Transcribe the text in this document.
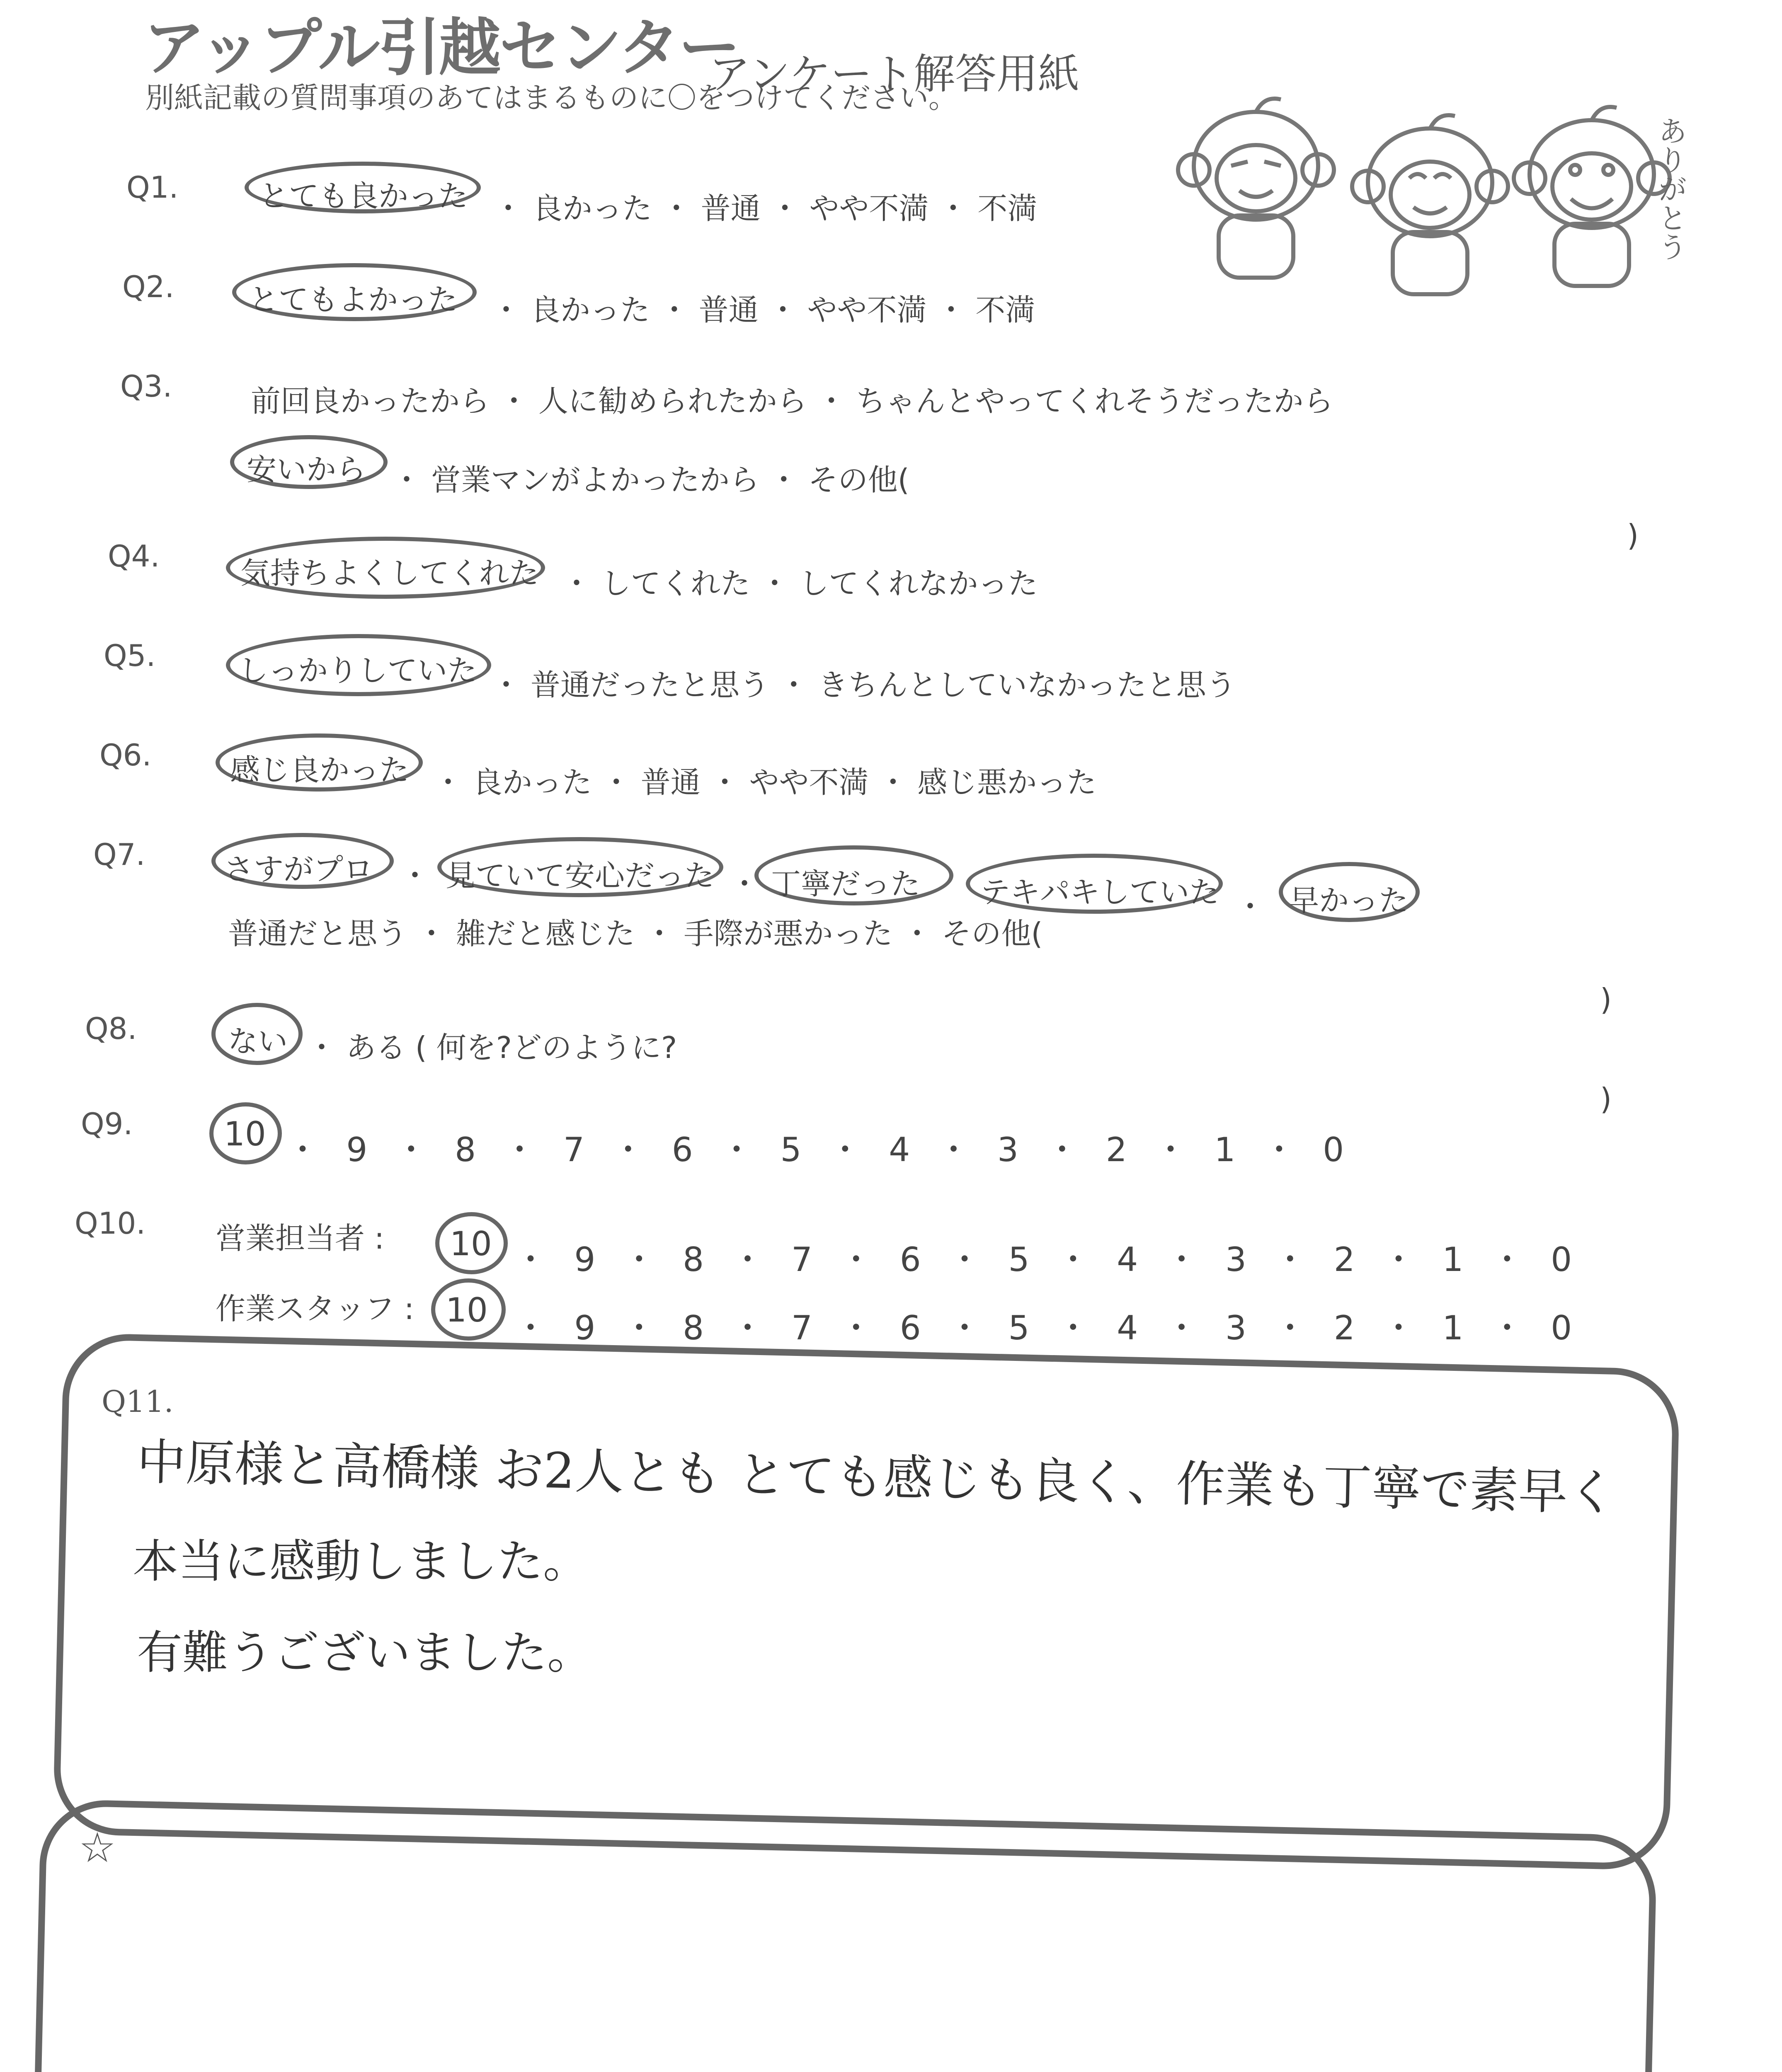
アップル引越センター
アンケート解答用紙
別紙記載の質問事項のあてはまるものに〇をつけてください。
ありがとう
Q1.	とても良かった ・ 良かった ・ 普通 ・ やや不満 ・ 不満
Q2. とてもよかった ・ 良かった ・ 普通 ・ やや不満 ・ 不満
Q3.	前回良かったから ・ 人に勧められたから ・ ちゃんとやってくれそうだったから
安いから ・ 営業マンがよかったから ・ その他(
)
Q4.	気持ちよくしてくれた ・ してくれた ・ してくれなかった
Q5.	しっかりしていた ・ 普通だったと思う ・ きちんとしていなかったと思う
Q6.	感じ良かった ・ 良かった ・ 普通 ・ やや不満 ・ 感じ悪かった
Q7.	さすがプロ ・ 見ていて安心だった ・ 丁寧だった テキパキしていた ・ 早かった
普通だと思う ・ 雑だと感じた ・ 手際が悪かった ・ その他(
)
Q8.	ない ・ ある ( 何を?どのように?
)
Q9.	10 ・ 9 ・ 8 ・ 7 ・ 6 ・ 5 ・ 4 ・ 3 ・ 2 ・ 1 ・ 0
Q10. 営業担当者 : 10 ・ 9 ・ 8 ・ 7 ・ 6 ・ 5 ・ 4 ・ 3 ・ 2 ・ 1 ・ 0
作業スタッフ : 10 ・ 9 ・ 8 ・ 7 ・ 6 ・ 5 ・ 4 ・ 3 ・ 2 ・ 1 ・ 0
Q11.
中原様と高橋様 お2人とも とても感じも良く、作業も丁寧で素早く
本当に感動しました。
有難うございました。
☆
